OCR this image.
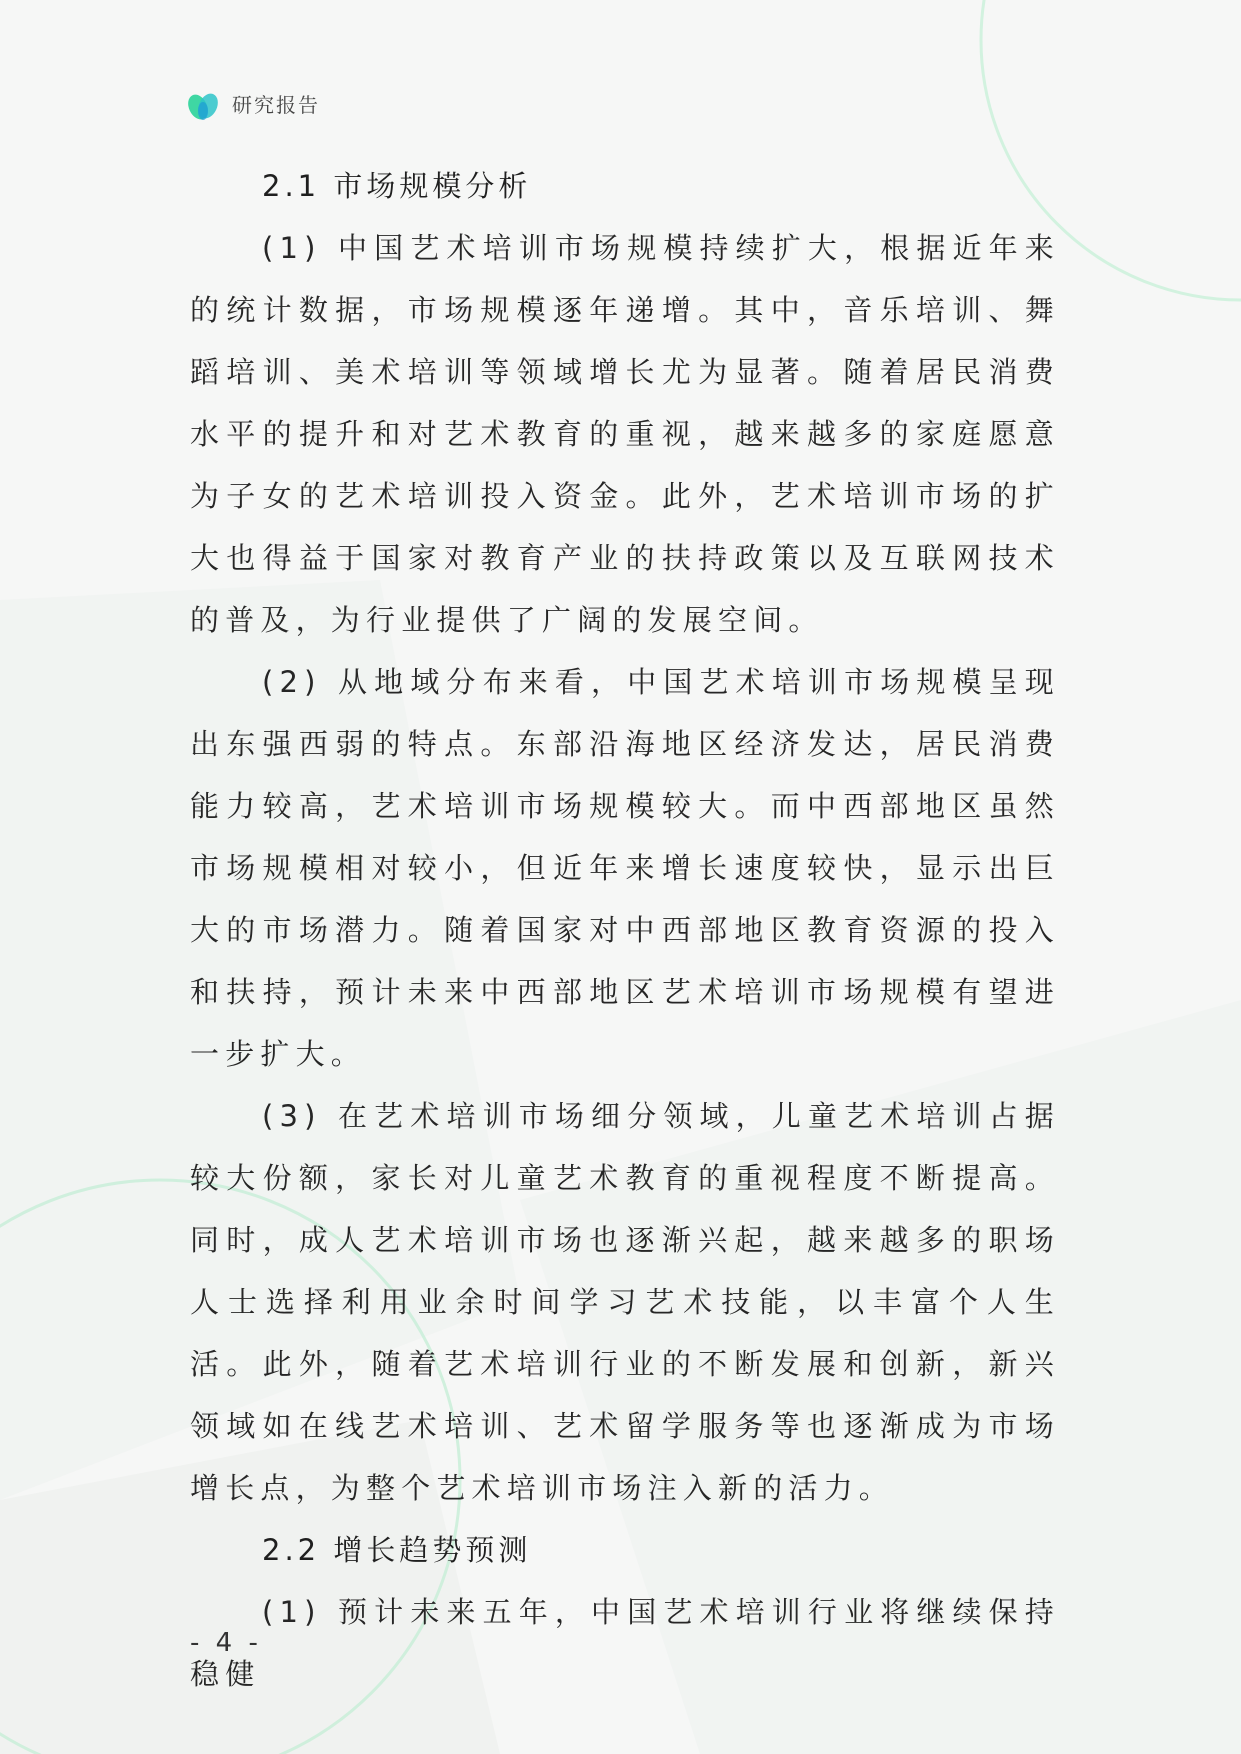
研究报告
2.1 市场规模分析

(1) 中国艺术培训市场规模持续扩大，根据近年来的统计数据，市场规模逐年递增。其中，音乐培训、舞蹈培训、美术培训等领域增长尤为显著。随着居民消费水平的提升和对艺术教育的重视，越来越多的家庭愿意为子女的艺术培训投入资金。此外，艺术培训市场的扩大也得益于国家对教育产业的扶持政策以及互联网技术的普及，为行业提供了广阔的发展空间。

(2) 从地域分布来看，中国艺术培训市场规模呈现出东强西弱的特点。东部沿海地区经济发达，居民消费能力较高，艺术培训市场规模较大。而中西部地区虽然市场规模相对较小，但近年来增长速度较快，显示出巨大的市场潜力。随着国家对中西部地区教育资源的投入和扶持，预计未来中西部地区艺术培训市场规模有望进一步扩大。

(3) 在艺术培训市场细分领域，儿童艺术培训占据较大份额，家长对儿童艺术教育的重视程度不断提高。同时，成人艺术培训市场也逐渐兴起，越来越多的职场人士选择利用业余时间学习艺术技能，以丰富个人生活。此外，随着艺术培训行业的不断发展和创新，新兴领域如在线艺术培训、艺术留学服务等也逐渐成为市场增长点，为整个艺术培训市场注入新的活力。

2.2 增长趋势预测

(1) 预计未来五年，中国艺术培训行业将继续保持稳健

- 4 -
